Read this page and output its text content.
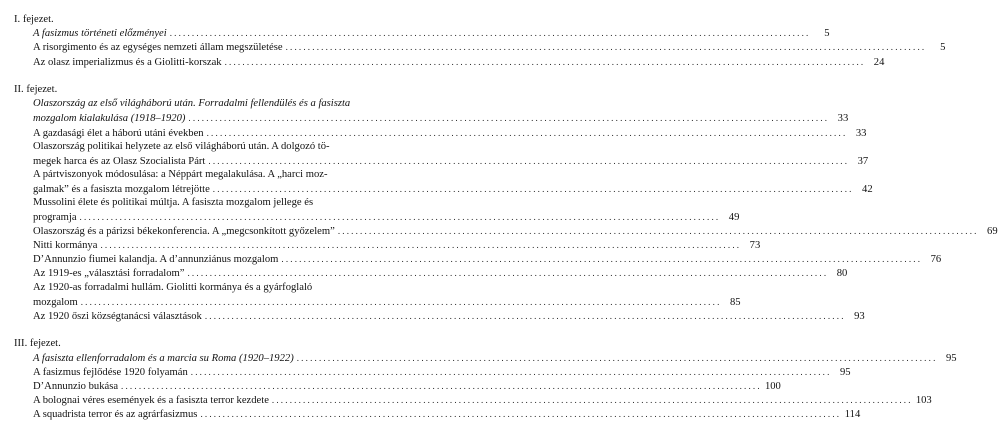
I. fejezet.
A fasizmus történeti előzményei ................................................................................................................................................	5
A risorgimento és az egységes nemzeti állam megszületése ................................................................................................................................................	5
Az olasz imperializmus és a Giolitti-korszak ................................................................................................................................................ 24
II. fejezet.
Olaszország az első világháború után. Forradalmi fellendülés és a fasiszta
mozgalom kialakulása (1918–1920) ................................................................................................................................................ 33
A gazdasági élet a háború utáni években ................................................................................................................................................ 33
Olaszország politikai helyzete az első világháború után. A dolgozó tö-
megek harca és az Olasz Szocialista Párt ................................................................................................................................................ 37
A pártviszonyok módosulása: a Néppárt megalakulása. A „harci moz-
galmak” és a fasiszta mozgalom létrejötte ................................................................................................................................................ 42
Mussolini élete és politikai múltja. A fasiszta mozgalom jellege és
programja ................................................................................................................................................ 49
Olaszország és a párizsi békekonferencia. A „megcsonkított győzelem” ................................................................................................................................................ 69
Nitti kormánya ................................................................................................................................................ 73
D’Annunzio fiumei kalandja. A d’annunziánus mozgalom ................................................................................................................................................ 76
Az 1919-es „választási forradalom” ................................................................................................................................................ 80
Az 1920-as forradalmi hullám. Giolitti kormánya és a gyárfoglaló
mozgalom ................................................................................................................................................ 85
Az 1920 őszi községtanácsi választások ................................................................................................................................................ 93
III. fejezet.
A fasiszta ellenforradalom és a marcia su Roma (1920–1922) ................................................................................................................................................ 95
A fasizmus fejlődése 1920 folyamán ................................................................................................................................................ 95
D’Annunzio bukása ................................................................................................................................................ 100
A bolognai véres események és a fasiszta terror kezdete ................................................................................................................................................ 103
A squadrista terror és az agrárfasizmus ................................................................................................................................................ 114
